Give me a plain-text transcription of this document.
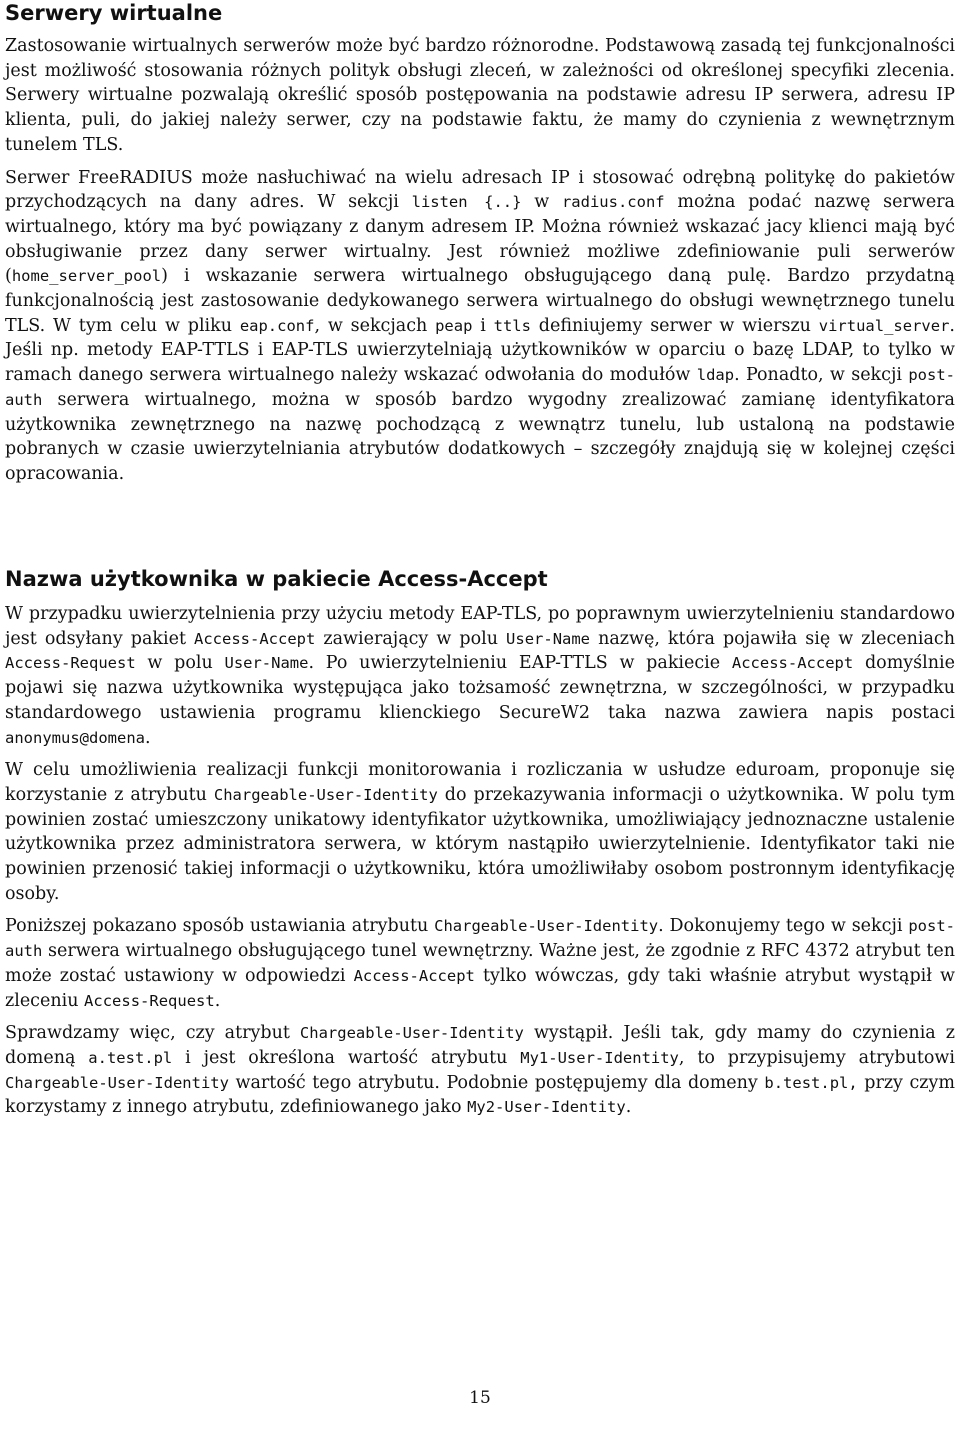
Serwery wirtualne

Zastosowanie wirtualnych serwerów może być bardzo różnorodne. Podstawową zasadą tej funkcjonalności jest możliwość stosowania różnych polityk obsługi zleceń, w zależności od określonej specyfiki zlecenia. Serwery wirtualne pozwalają określić sposób postępowania na podstawie adresu IP serwera, adresu IP klienta, puli, do jakiej należy serwer, czy na podstawie faktu, że mamy do czynienia z wewnętrznym tunelem TLS.

Serwer FreeRADIUS może nasłuchiwać na wielu adresach IP i stosować odrębną politykę do pakietów przychodzących na dany adres. W sekcji listen {..} w radius.conf można podać nazwę serwera wirtualnego, który ma być powiązany z danym adresem IP. Można również wskazać jacy klienci mają być obsługiwanie przez dany serwer wirtualny. Jest również możliwe zdefiniowanie puli serwerów (home_server_pool) i wskazanie serwera wirtualnego obsługującego daną pulę. Bardzo przydatną funkcjonalnością jest zastosowanie dedykowanego serwera wirtualnego do obsługi wewnętrznego tunelu TLS. W tym celu w pliku eap.conf, w sekcjach peap i ttls definiujemy serwer w wierszu virtual_server. Jeśli np. metody EAP-TTLS i EAP-TLS uwierzytelniają użytkowników w oparciu o bazę LDAP, to tylko w ramach danego serwera wirtualnego należy wskazać odwołania do modułów ldap. Ponadto, w sekcji post-auth serwera wirtualnego, można w sposób bardzo wygodny zrealizować zamianę identyfikatora użytkownika zewnętrznego na nazwę pochodzącą z wewnątrz tunelu, lub ustaloną na podstawie pobranych w czasie uwierzytelniania atrybutów dodatkowych – szczegóły znajdują się w kolejnej części opracowania.

Nazwa użytkownika w pakiecie Access-Accept

W przypadku uwierzytelnienia przy użyciu metody EAP-TLS, po poprawnym uwierzytelnieniu standardowo jest odsyłany pakiet Access-Accept zawierający w polu User-Name nazwę, która pojawiła się w zleceniach Access-Request w polu User-Name. Po uwierzytelnieniu EAP-TTLS w pakiecie Access-Accept domyślnie pojawi się nazwa użytkownika występująca jako tożsamość zewnętrzna, w szczególności, w przypadku standardowego ustawienia programu klienckiego SecureW2 taka nazwa zawiera napis postaci anonymus@domena.

W celu umożliwienia realizacji funkcji monitorowania i rozliczania w usłudze eduroam, proponuje się korzystanie z atrybutu Chargeable-User-Identity do przekazywania informacji o użytkownika. W polu tym powinien zostać umieszczony unikatowy identyfikator użytkownika, umożliwiający jednoznaczne ustalenie użytkownika przez administratora serwera, w którym nastąpiło uwierzytelnienie. Identyfikator taki nie powinien przenosić takiej informacji o użytkowniku, która umożliwiłaby osobom postronnym identyfikację osoby.

Poniższej pokazano sposób ustawiania atrybutu Chargeable-User-Identity. Dokonujemy tego w sekcji post-auth serwera wirtualnego obsługującego tunel wewnętrzny. Ważne jest, że zgodnie z RFC 4372 atrybut ten może zostać ustawiony w odpowiedzi Access-Accept tylko wówczas, gdy taki właśnie atrybut wystąpił w zleceniu Access-Request.

Sprawdzamy więc, czy atrybut Chargeable-User-Identity wystąpił. Jeśli tak, gdy mamy do czynienia z domeną a.test.pl i jest określona wartość atrybutu My1-User-Identity, to przypisujemy atrybutowi Chargeable-User-Identity wartość tego atrybutu. Podobnie postępujemy dla domeny b.test.pl, przy czym korzystamy z innego atrybutu, zdefiniowanego jako My2-User-Identity.

15
